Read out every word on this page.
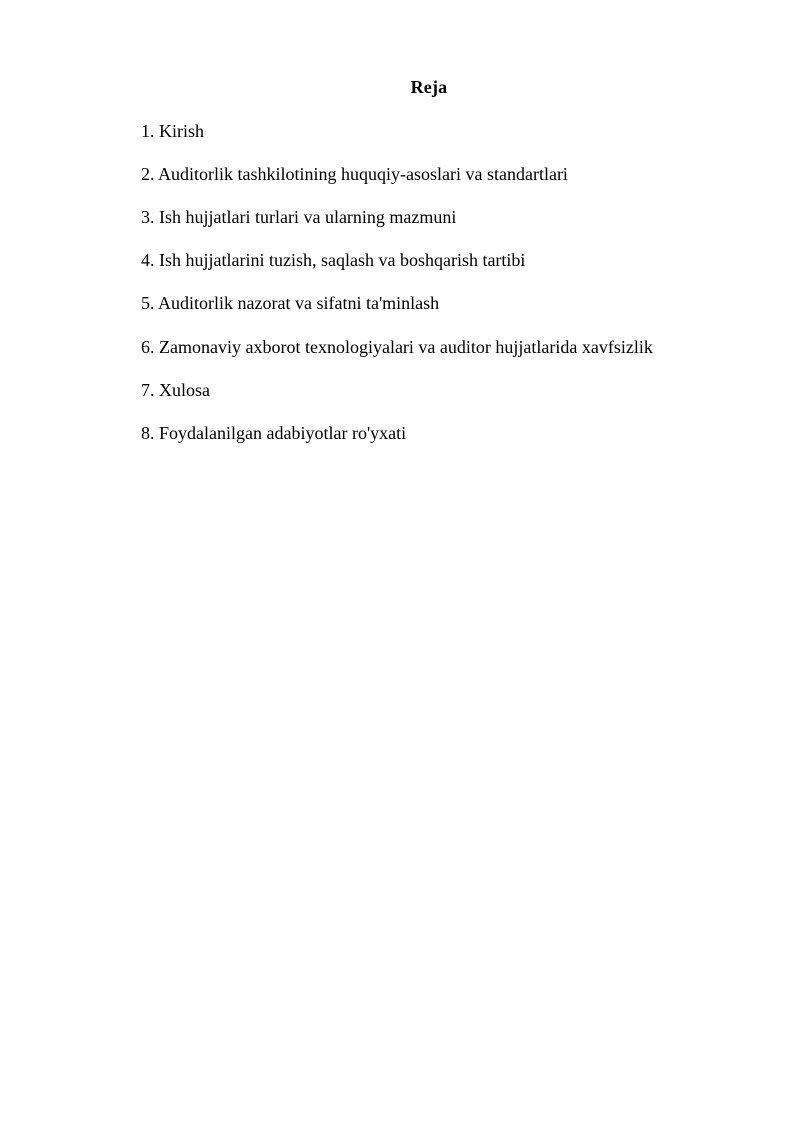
Reja
1. Kirish
2. Auditorlik tashkilotining huquqiy-asoslari va standartlari
3. Ish hujjatlari turlari va ularning mazmuni
4. Ish hujjatlarini tuzish, saqlash va boshqarish tartibi
5. Auditorlik nazorat va sifatni ta'minlash
6. Zamonaviy axborot texnologiyalari va auditor hujjatlarida xavfsizlik
7. Xulosa
8. Foydalanilgan adabiyotlar ro'yxati
